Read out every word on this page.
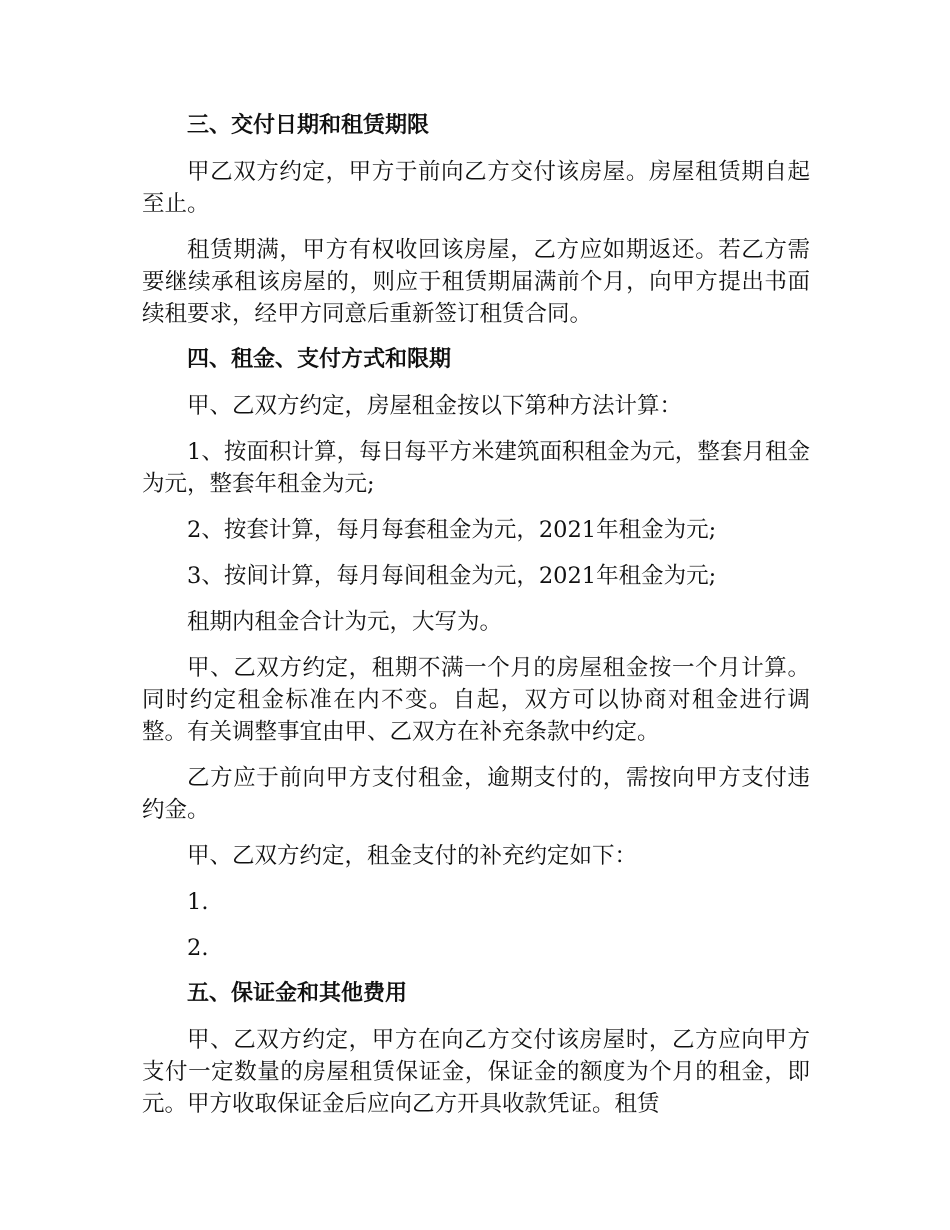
三、交付日期和租赁期限

甲乙双方约定，甲方于前向乙方交付该房屋。房屋租赁期自起至止。

租赁期满，甲方有权收回该房屋，乙方应如期返还。若乙方需要继续承租该房屋的，则应于租赁期届满前个月，向甲方提出书面续租要求，经甲方同意后重新签订租赁合同。

四、租金、支付方式和限期

甲、乙双方约定，房屋租金按以下第种方法计算：

1、按面积计算，每日每平方米建筑面积租金为元，整套月租金为元，整套年租金为元;

2、按套计算，每月每套租金为元，2021年租金为元;

3、按间计算，每月每间租金为元，2021年租金为元;

租期内租金合计为元，大写为。

甲、乙双方约定，租期不满一个月的房屋租金按一个月计算。同时约定租金标准在内不变。自起，双方可以协商对租金进行调整。有关调整事宜由甲、乙双方在补充条款中约定。

乙方应于前向甲方支付租金，逾期支付的，需按向甲方支付违约金。

甲、乙双方约定，租金支付的补充约定如下：

1.

2.

五、保证金和其他费用

甲、乙双方约定，甲方在向乙方交付该房屋时，乙方应向甲方支付一定数量的房屋租赁保证金，保证金的额度为个月的租金，即元。甲方收取保证金后应向乙方开具收款凭证。租赁
